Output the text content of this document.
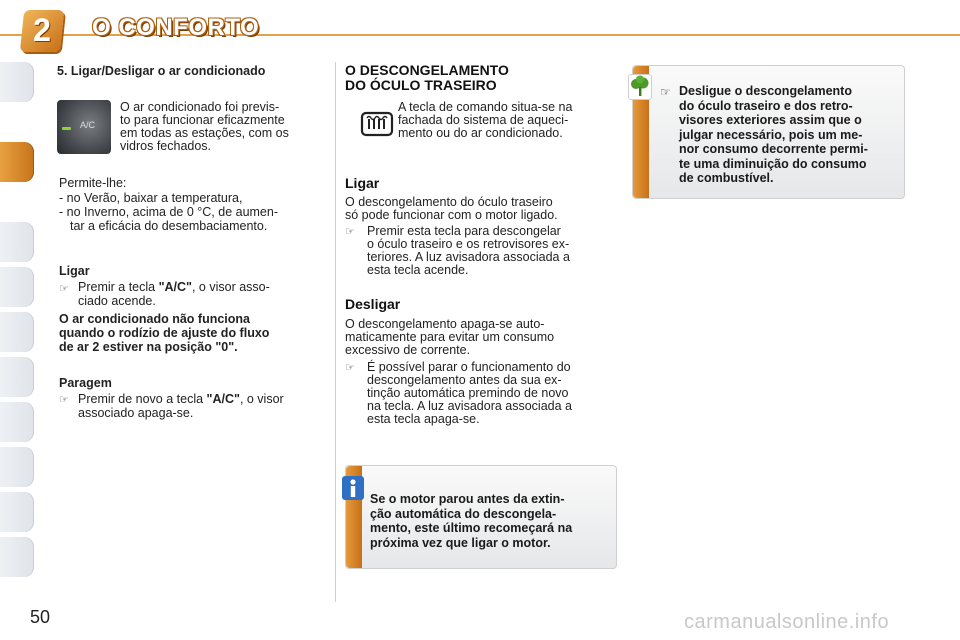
2	O CONFORTO
5. Ligar/Desligar o ar condicionado
A/C
O ar condicionado foi previs-
to para funcionar eficazmente
em todas as estações, com os
vidros fechados.
Permite-lhe:
- no Verão, baixar a temperatura,
- no Inverno, acima de 0 °C, de aumen-
tar a eficácia do desembaciamento.
Ligar
☞ Premir a tecla "A/C", o visor asso-
ciado acende.
O ar condicionado não funciona
quando o rodízio de ajuste do fluxo
de ar 2 estiver na posição "0".
Paragem
☞ Premir de novo a tecla "A/C", o visor
associado apaga-se.
O DESCONGELAMENTO
DO ÓCULO TRASEIRO
A tecla de comando situa-se na
fachada do sistema de aqueci-
mento ou do ar condicionado.
Ligar
O descongelamento do óculo traseiro
só pode funcionar com o motor ligado.
☞ Premir esta tecla para descongelar
o óculo traseiro e os retrovisores ex-
teriores. A luz avisadora associada a
esta tecla acende.
Desligar
O descongelamento apaga-se auto-
maticamente para evitar um consumo
excessivo de corrente.
☞ É possível parar o funcionamento do
descongelamento antes da sua ex-
tinção automática premindo de novo
na tecla. A luz avisadora associada a
esta tecla apaga-se.
Se o motor parou antes da extin-
ção automática do descongela-
mento, este último recomeçará na
próxima vez que ligar o motor.
☞ Desligue o descongelamento
do óculo traseiro e dos retro-
visores exteriores assim que o
julgar necessário, pois um me-
nor consumo decorrente permi-
te uma diminuição do consumo
de combustível.
50	carmanualsonline.info
